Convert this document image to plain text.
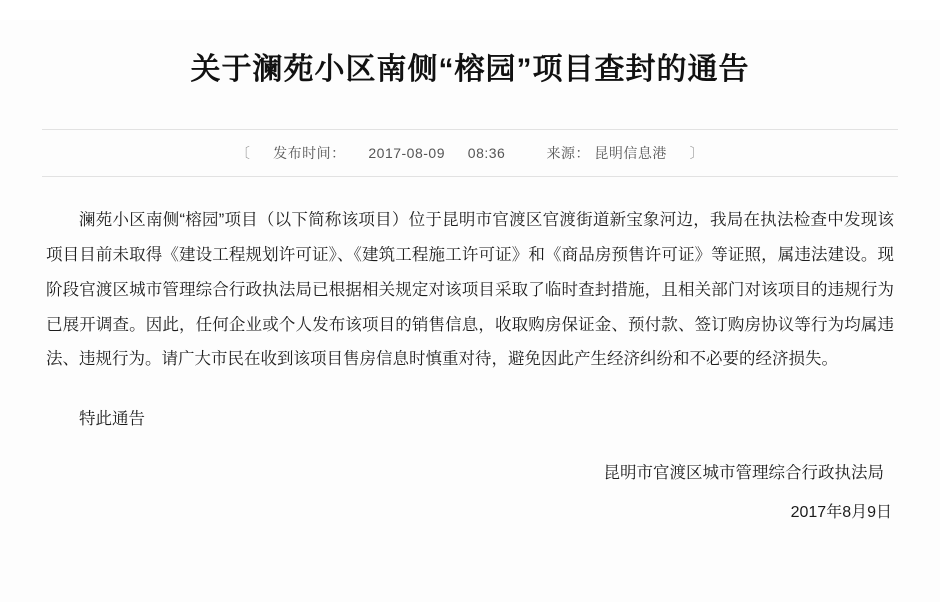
关于澜苑小区南侧“榕园”项目查封的通告
〔 发布时间： 2017-08-09 08:36	来源： 昆明信息港 〕

澜苑小区南侧“榕园”项目（以下简称该项目）位于昆明市官渡区官渡街道新宝象河边，我局在执法检查中发现该项目目前未取得《建设工程规划许可证》、《建筑工程施工许可证》和《商品房预售许可证》等证照，属违法建设。现阶段官渡区城市管理综合行政执法局已根据相关规定对该项目采取了临时查封措施，且相关部门对该项目的违规行为已展开调查。因此，任何企业或个人发布该项目的销售信息，收取购房保证金、预付款、签订购房协议等行为均属违法、违规行为。请广大市民在收到该项目售房信息时慎重对待，避免因此产生经济纠纷和不必要的经济损失。

特此通告
昆明市官渡区城市管理综合行政执法局
2017年8月9日
